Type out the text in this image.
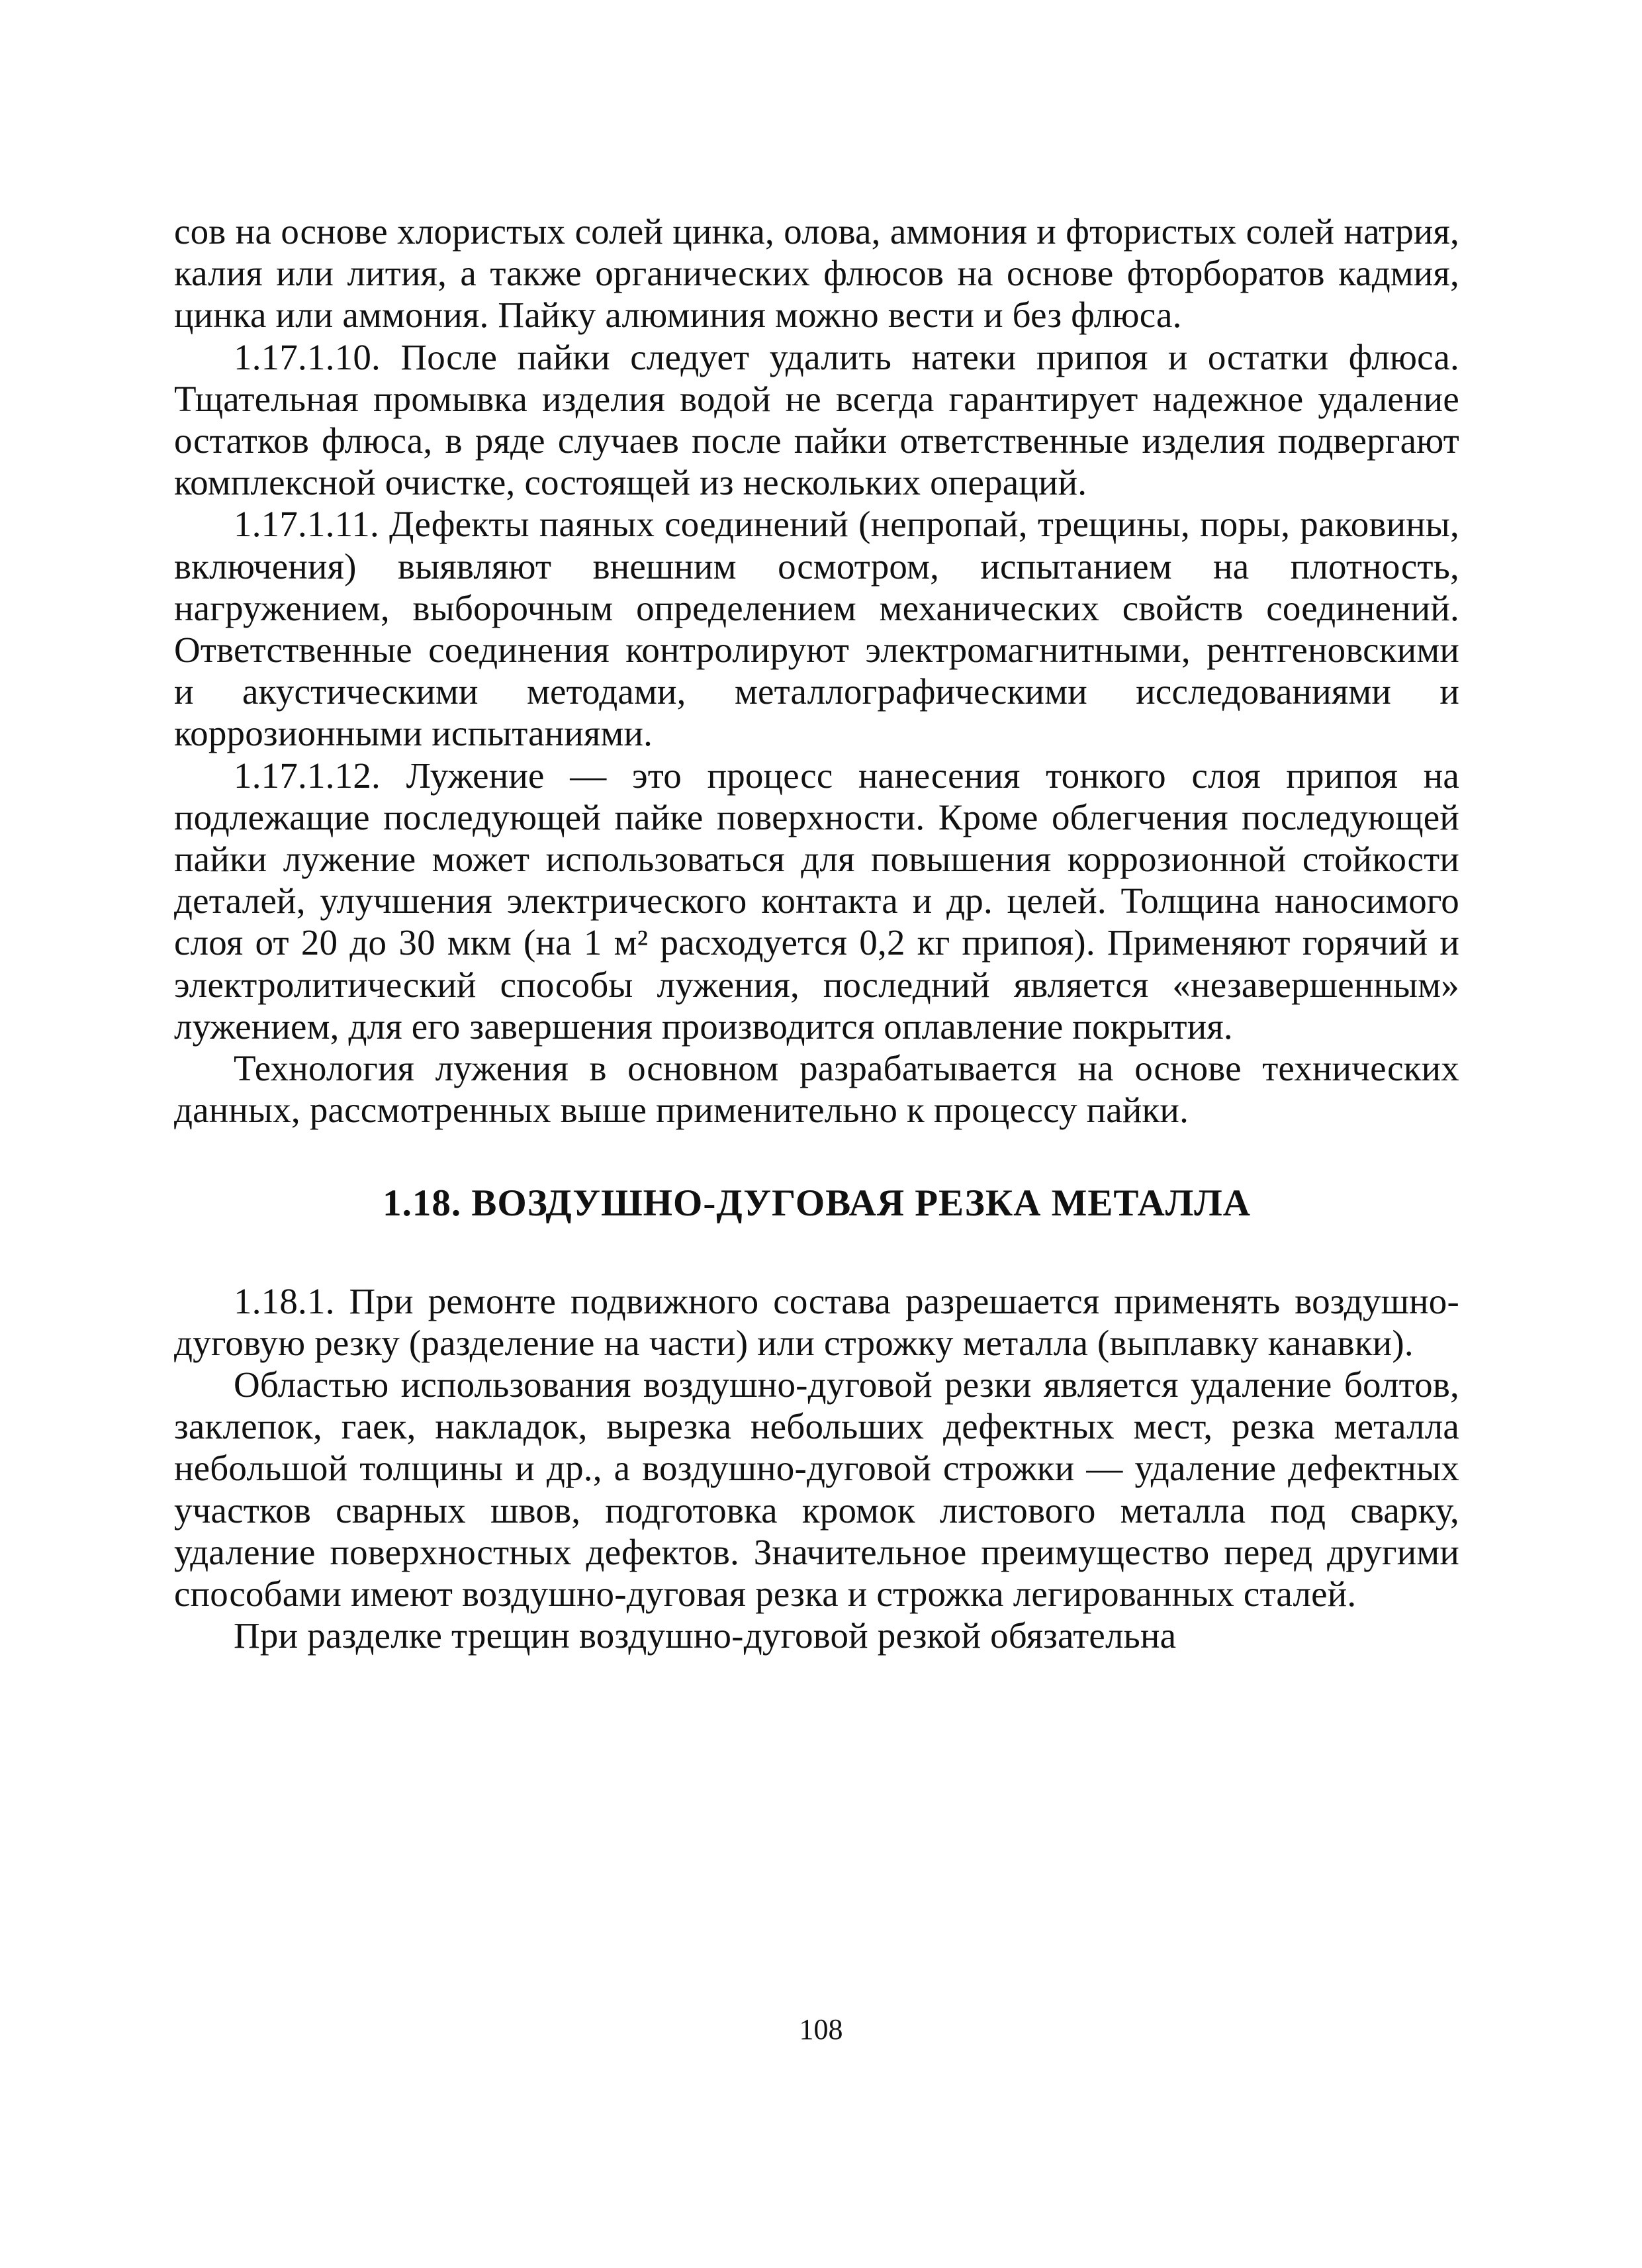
сов на основе хлористых солей цинка, олова, аммония и фтористых солей натрия, калия или лития, а также органических флюсов на основе фторборатов кадмия, цинка или аммония. Пайку алюминия можно вести и без флюса.

1.17.1.10. После пайки следует удалить натеки припоя и остатки флюса. Тщательная промывка изделия водой не всегда гарантирует надежное удаление остатков флюса, в ряде случаев после пайки ответственные изделия подвергают комплексной очистке, состоящей из нескольких операций.

1.17.1.11. Дефекты паяных соединений (непропай, трещины, поры, раковины, включения) выявляют внешним осмотром, испытанием на плотность, нагружением, выборочным определением механических свойств соединений. Ответственные соединения контролируют электромагнитными, рентгеновскими и акустическими методами, металлографическими исследованиями и коррозионными испытаниями.

1.17.1.12. Лужение — это процесс нанесения тонкого слоя припоя на подлежащие последующей пайке поверхности. Кроме облегчения последующей пайки лужение может использоваться для повышения коррозионной стойкости деталей, улучшения электрического контакта и др. целей. Толщина наносимого слоя от 20 до 30 мкм (на 1 м² расходуется 0,2 кг припоя). Применяют горячий и электролитический способы лужения, последний является «незавершенным» лужением, для его завершения производится оплавление покрытия.

Технология лужения в основном разрабатывается на основе технических данных, рассмотренных выше применительно к процессу пайки.

1.18. ВОЗДУШНО-ДУГОВАЯ РЕЗКА МЕТАЛЛА

1.18.1. При ремонте подвижного состава разрешается применять воздушно-дуговую резку (разделение на части) или строжку металла (выплавку канавки).

Областью использования воздушно-дуговой резки является удаление болтов, заклепок, гаек, накладок, вырезка небольших дефектных мест, резка металла небольшой толщины и др., а воздушно-дуговой строжки — удаление дефектных участков сварных швов, подготовка кромок листового металла под сварку, удаление поверхностных дефектов. Значительное преимущество перед другими способами имеют воздушно-дуговая резка и строжка легированных сталей.

При разделке трещин воздушно-дуговой резкой обязательна

108
